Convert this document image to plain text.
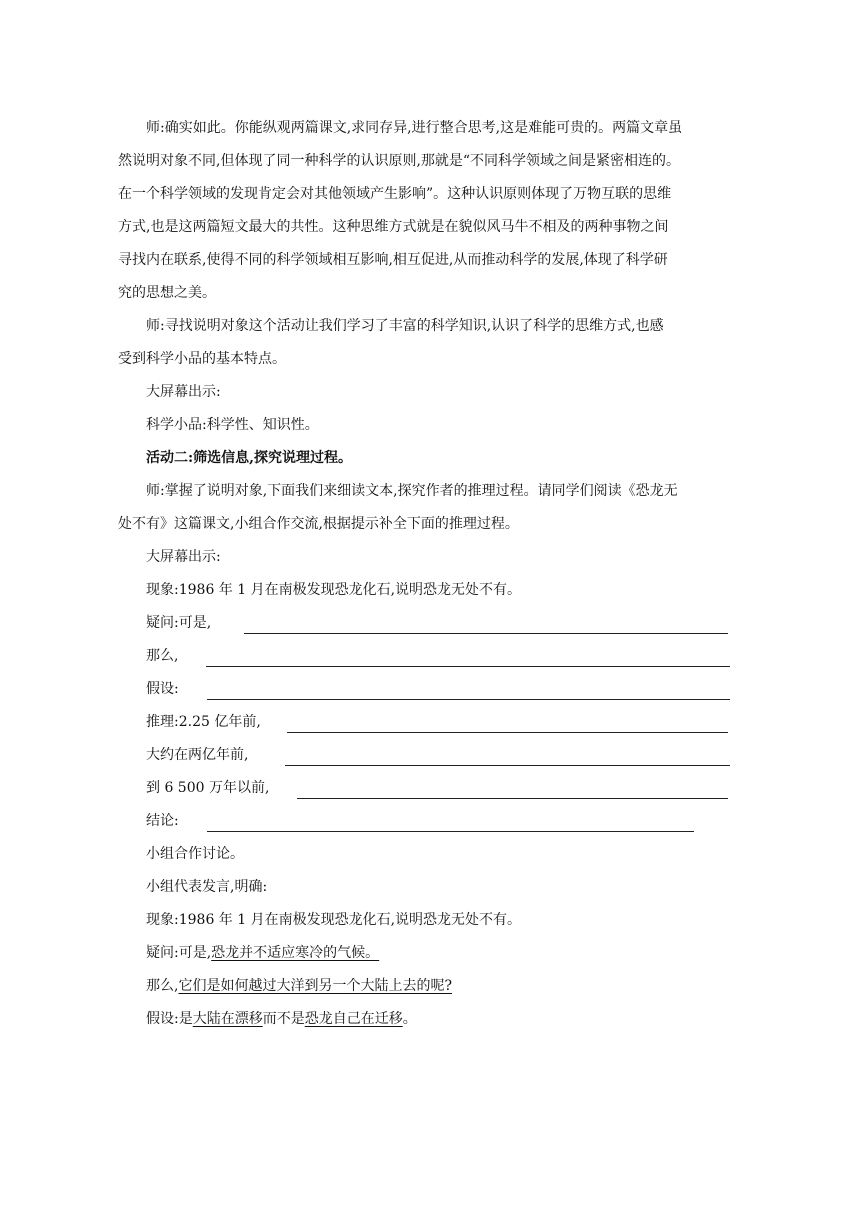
师:确实如此。你能纵观两篇课文,求同存异,进行整合思考,这是难能可贵的。两篇文章虽
然说明对象不同,但体现了同一种科学的认识原则,那就是“不同科学领域之间是紧密相连的。
在一个科学领域的发现肯定会对其他领域产生影响”。这种认识原则体现了万物互联的思维
方式,也是这两篇短文最大的共性。这种思维方式就是在貌似风马牛不相及的两种事物之间
寻找内在联系,使得不同的科学领域相互影响,相互促进,从而推动科学的发展,体现了科学研
究的思想之美。
师:寻找说明对象这个活动让我们学习了丰富的科学知识,认识了科学的思维方式,也感
受到科学小品的基本特点。

大屏幕出示:

科学小品:科学性、知识性。

活动二:筛选信息,探究说理过程。

师:掌握了说明对象,下面我们来细读文本,探究作者的推理过程。请同学们阅读《恐龙无
处不有》这篇课文,小组合作交流,根据提示补全下面的推理过程。

大屏幕出示:

现象:1986 年 1 月在南极发现恐龙化石,说明恐龙无处不有。

疑问:可是,

那么,

假设:

推理:2.25 亿年前,

大约在两亿年前,

到 6 500 万年以前,

结论:

小组合作讨论。

小组代表发言,明确:

现象:1986 年 1 月在南极发现恐龙化石,说明恐龙无处不有。

疑问:可是,恐龙并不适应寒冷的气候。

那么,它们是如何越过大洋到另一个大陆上去的呢?

假设:是大陆在漂移而不是恐龙自己在迁移。
